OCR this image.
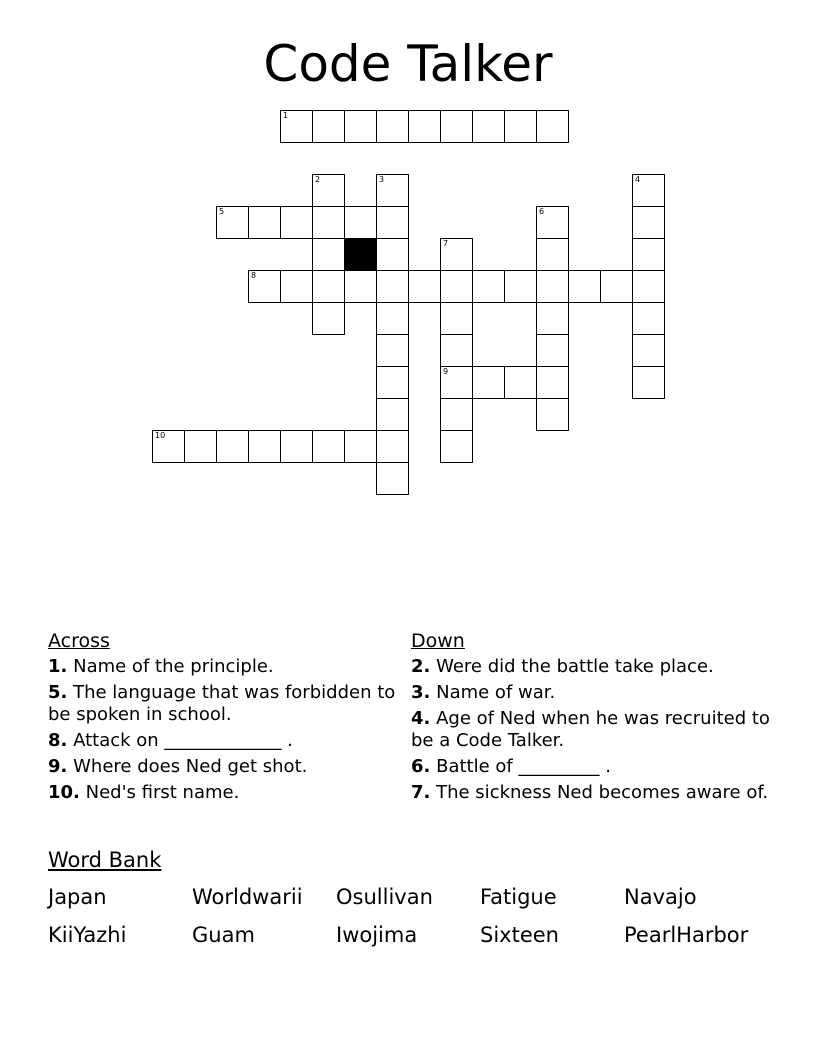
Code Talker
1
5
8
9
10
2	3	4
6
7
Across
1. Name of the principle.
5. The language that was forbidden to be spoken in school.
8. Attack on _____________ .
9. Where does Ned get shot.
10. Ned's first name.
Down
2. Were did the battle take place.
3. Name of war.
4. Age of Ned when he was recruited to be a Code Talker.
6. Battle of _________ .
7. The sickness Ned becomes aware of.
Word Bank
Japan	Worldwarii Osullivan Fatigue	Navajo
KiiYazhi	Guam	Iwojima	Sixteen	PearlHarbor
